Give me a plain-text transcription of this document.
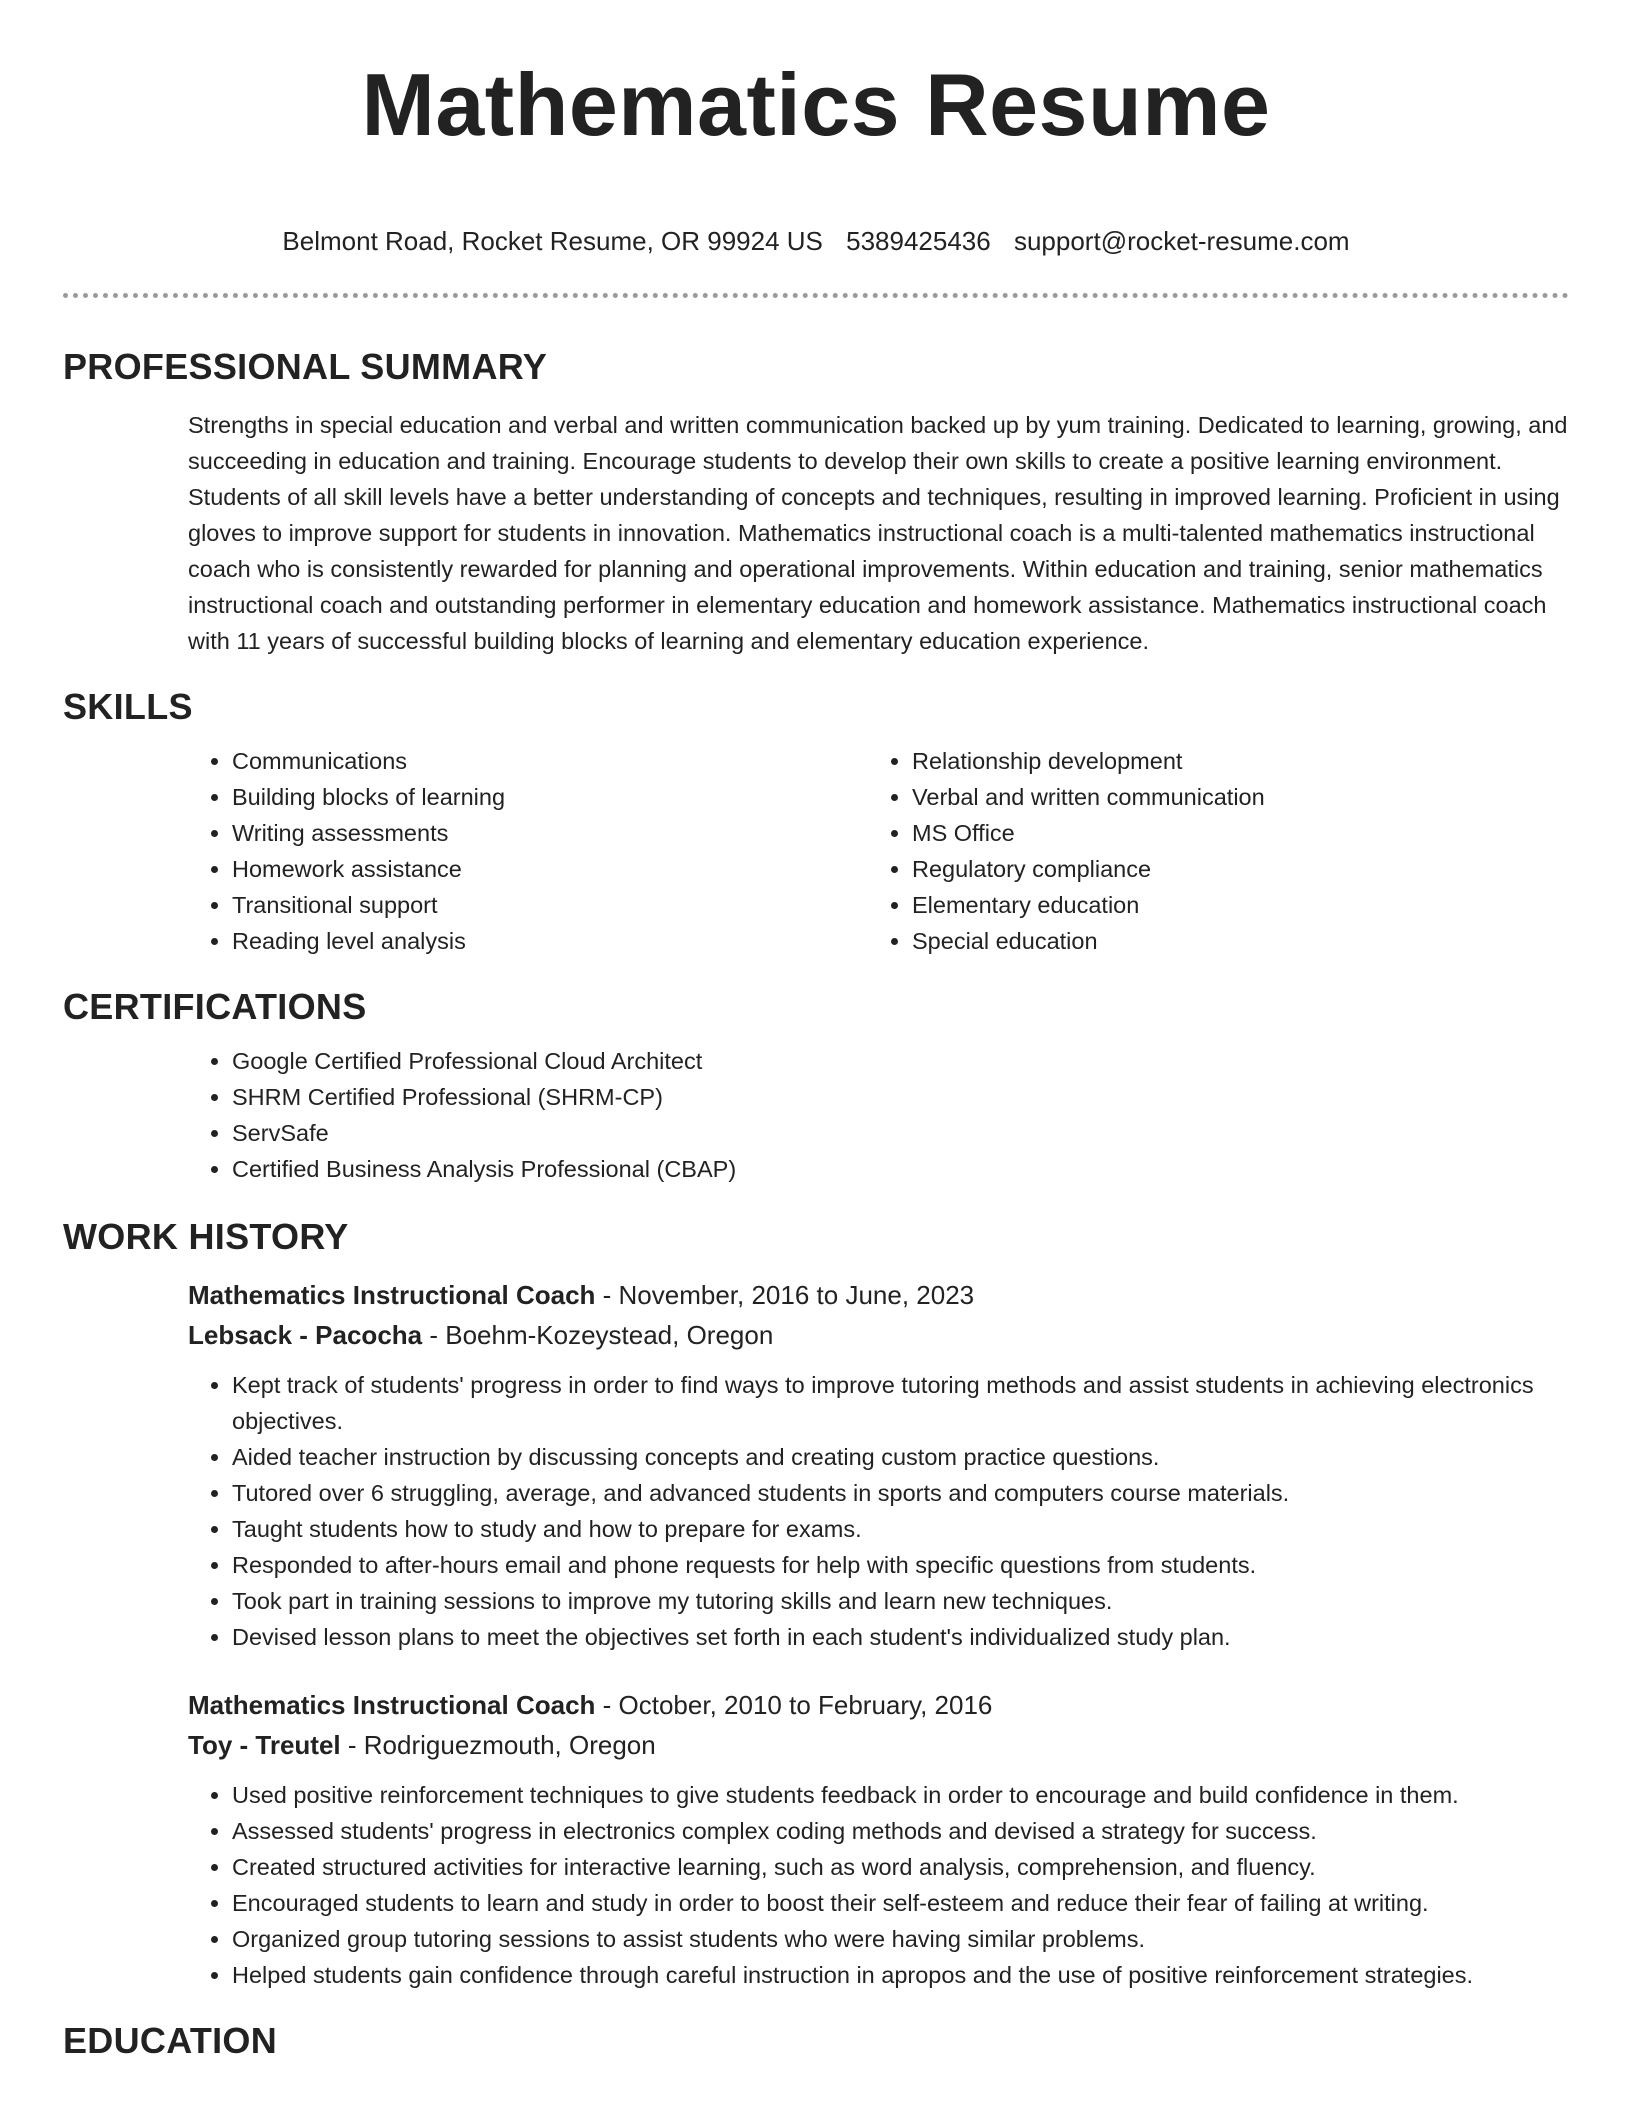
Mathematics Resume
Belmont Road, Rocket Resume, OR 99924 US 5389425436 support@rocket-resume.com
PROFESSIONAL SUMMARY

Strengths in special education and verbal and written communication backed up by yum training. Dedicated to learning, growing, and succeeding in education and training. Encourage students to develop their own skills to create a positive learning environment. Students of all skill levels have a better understanding of concepts and techniques, resulting in improved learning. Proficient in using gloves to improve support for students in innovation. Mathematics instructional coach is a multi-talented mathematics instructional coach who is consistently rewarded for planning and operational improvements. Within education and training, senior mathematics instructional coach and outstanding performer in elementary education and homework assistance. Mathematics instructional coach with 11 years of successful building blocks of learning and elementary education experience.

SKILLS
• Communications
• Building blocks of learning
• Writing assessments
• Homework assistance
• Transitional support
• Reading level analysis
• Relationship development
• Verbal and written communication
• MS Office
• Regulatory compliance
• Elementary education
• Special education
CERTIFICATIONS
• Google Certified Professional Cloud Architect
• SHRM Certified Professional (SHRM-CP)
• ServSafe
• Certified Business Analysis Professional (CBAP)
WORK HISTORY

Mathematics Instructional Coach - November, 2016 to June, 2023

Lebsack - Pacocha - Boehm-Kozeystead, Oregon

• Kept track of students' progress in order to find ways to improve tutoring methods and assist students in achieving electronics objectives.
• Aided teacher instruction by discussing concepts and creating custom practice questions.
• Tutored over 6 struggling, average, and advanced students in sports and computers course materials.
• Taught students how to study and how to prepare for exams.
• Responded to after-hours email and phone requests for help with specific questions from students.
• Took part in training sessions to improve my tutoring skills and learn new techniques.
• Devised lesson plans to meet the objectives set forth in each student's individualized study plan.

Mathematics Instructional Coach - October, 2010 to February, 2016

Toy - Treutel - Rodriguezmouth, Oregon

• Used positive reinforcement techniques to give students feedback in order to encourage and build confidence in them.
• Assessed students' progress in electronics complex coding methods and devised a strategy for success.
• Created structured activities for interactive learning, such as word analysis, comprehension, and fluency.
• Encouraged students to learn and study in order to boost their self-esteem and reduce their fear of failing at writing.
• Organized group tutoring sessions to assist students who were having similar problems.
• Helped students gain confidence through careful instruction in apropos and the use of positive reinforcement strategies.
EDUCATION
